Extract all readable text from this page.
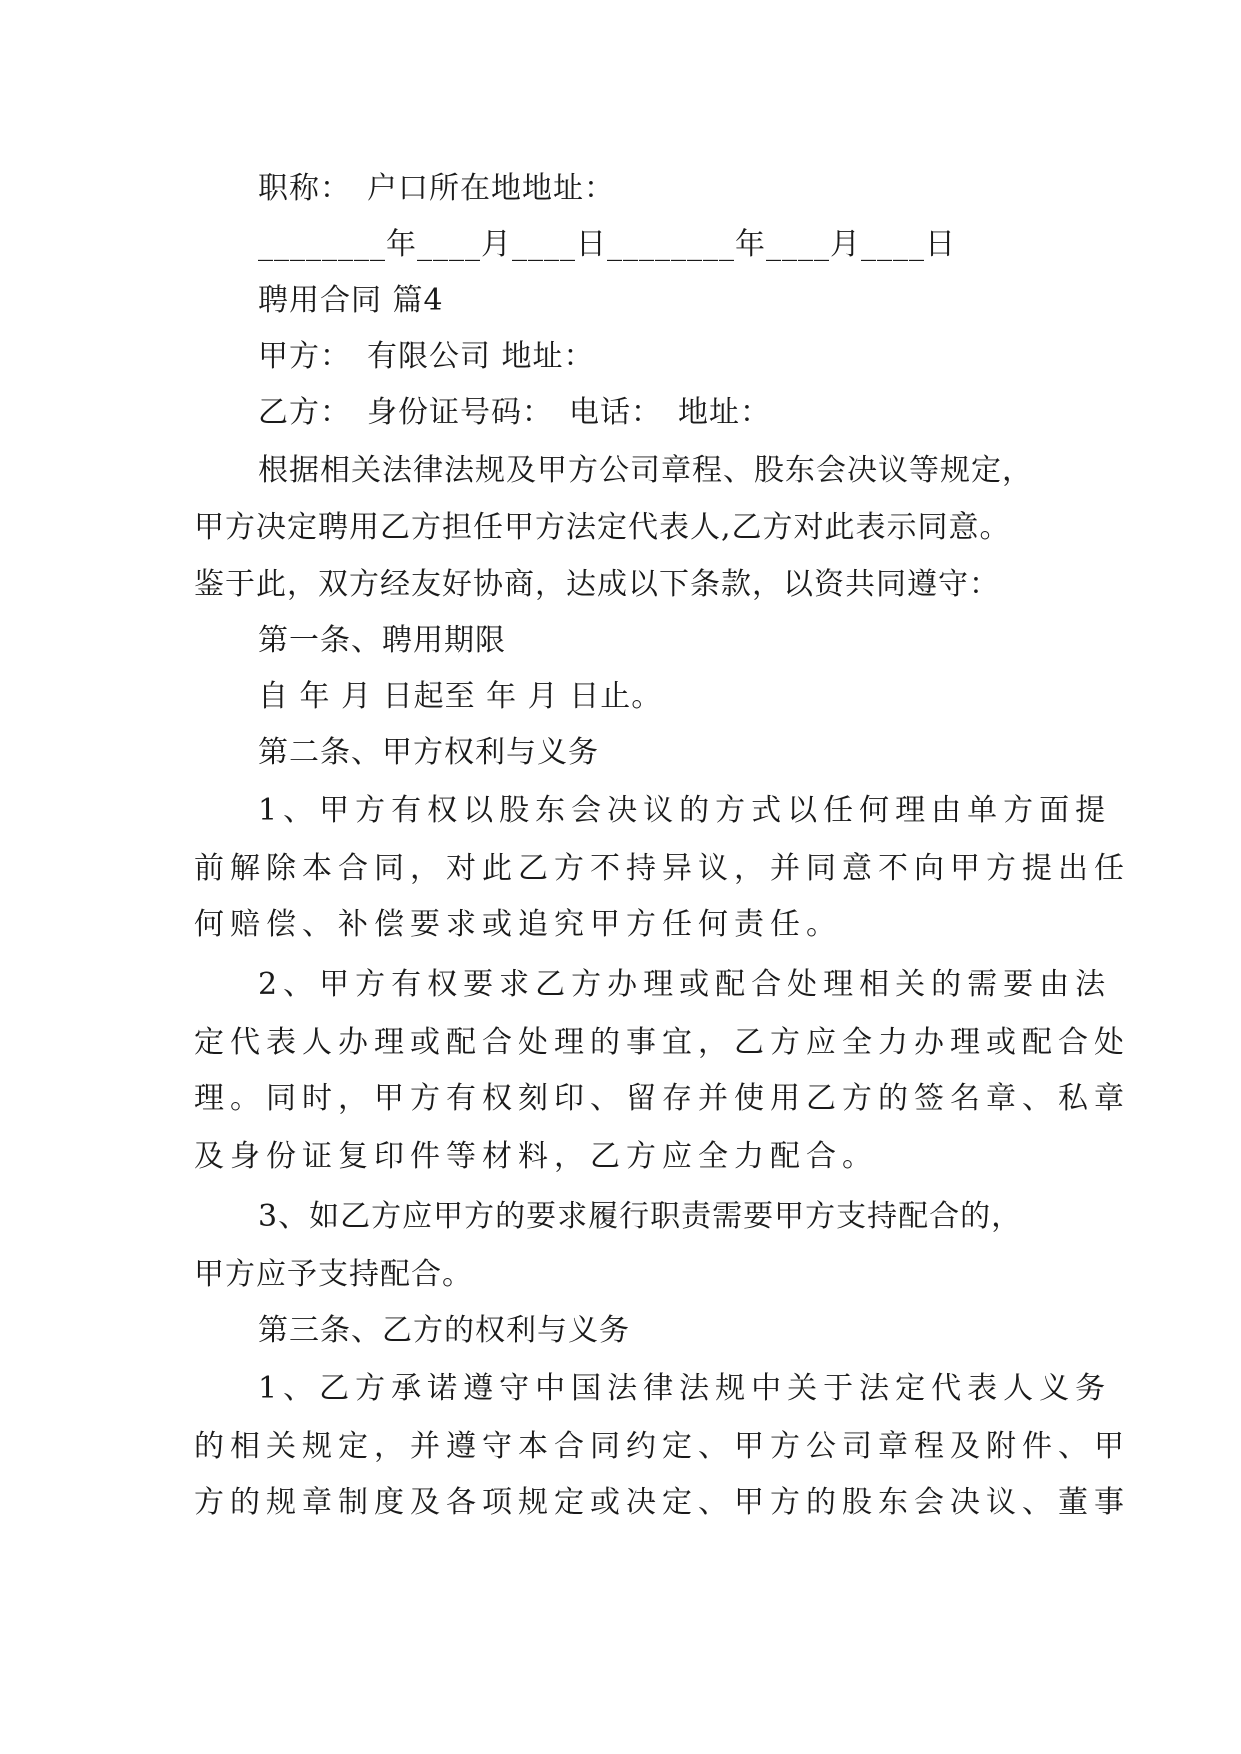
职称：　户口所在地地址：
________年____月____日________年____月____日
聘用合同 篇4
甲方：　有限公司 地址：
乙方：　身份证号码：　电话：　地址：
根据相关法律法规及甲方公司章程、股东会决议等规定，
甲方决定聘用乙方担任甲方法定代表人,乙方对此表示同意。
鉴于此，双方经友好协商，达成以下条款，以资共同遵守：
第一条、聘用期限
自 年 月 日起至 年 月 日止。
第二条、甲方权利与义务
1、甲方有权以股东会决议的方式以任何理由单方面提
前解除本合同，对此乙方不持异议，并同意不向甲方提出任
何赔偿、补偿要求或追究甲方任何责任。
2、甲方有权要求乙方办理或配合处理相关的需要由法
定代表人办理或配合处理的事宜，乙方应全力办理或配合处
理。同时，甲方有权刻印、留存并使用乙方的签名章、私章
及身份证复印件等材料，乙方应全力配合。
3、如乙方应甲方的要求履行职责需要甲方支持配合的，
甲方应予支持配合。
第三条、乙方的权利与义务
1、乙方承诺遵守中国法律法规中关于法定代表人义务
的相关规定，并遵守本合同约定、甲方公司章程及附件、甲
方的规章制度及各项规定或决定、甲方的股东会决议、董事
